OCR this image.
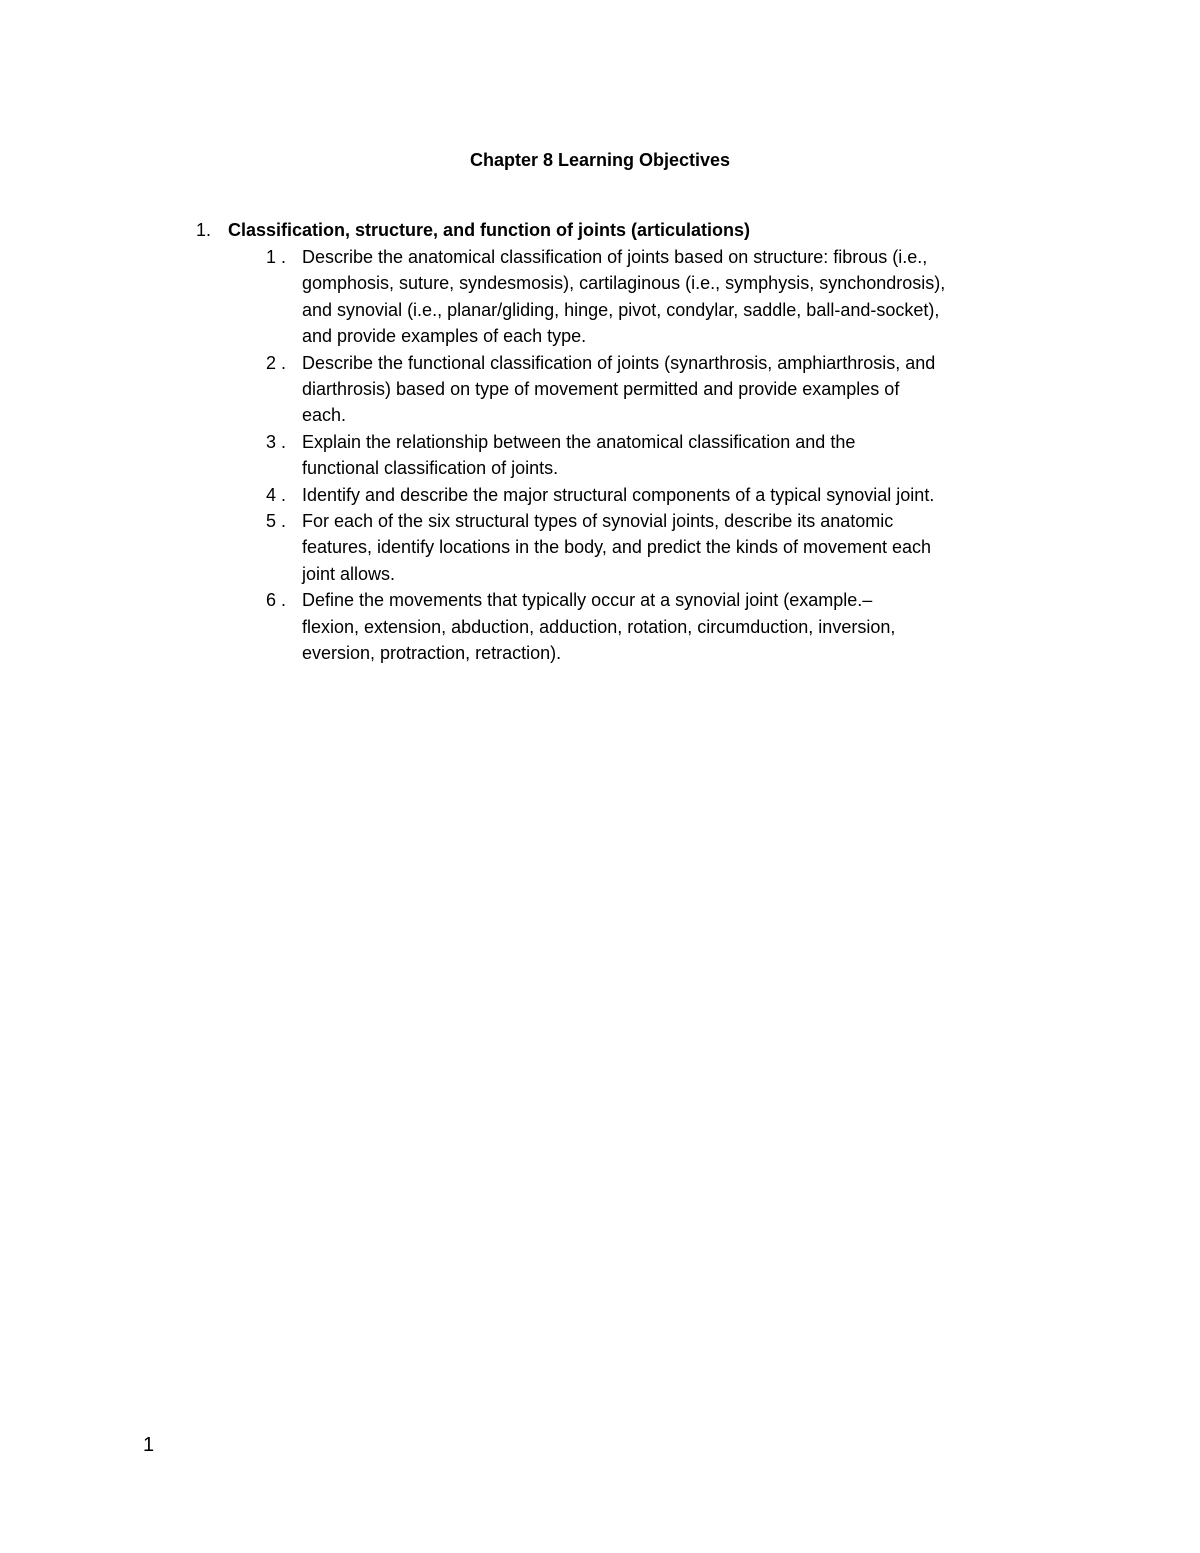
Chapter 8 Learning Objectives
1. Classification, structure, and function of joints (articulations)
1 . Describe the anatomical classification of joints based on structure: fibrous (i.e.,
gomphosis, suture, syndesmosis), cartilaginous (i.e., symphysis, synchondrosis),
and synovial (i.e., planar/gliding, hinge, pivot, condylar, saddle, ball-and-socket),
and provide examples of each type.
2 . Describe the functional classification of joints (synarthrosis, amphiarthrosis, and
diarthrosis) based on type of movement permitted and provide examples of
each.
3 . Explain the relationship between the anatomical classification and the
functional classification of joints.
4 . Identify and describe the major structural components of a typical synovial joint.
5 . For each of the six structural types of synovial joints, describe its anatomic
features, identify locations in the body, and predict the kinds of movement each
joint allows.
6 . Define the movements that typically occur at a synovial joint (example.–
flexion, extension, abduction, adduction, rotation, circumduction, inversion,
eversion, protraction, retraction).
1
